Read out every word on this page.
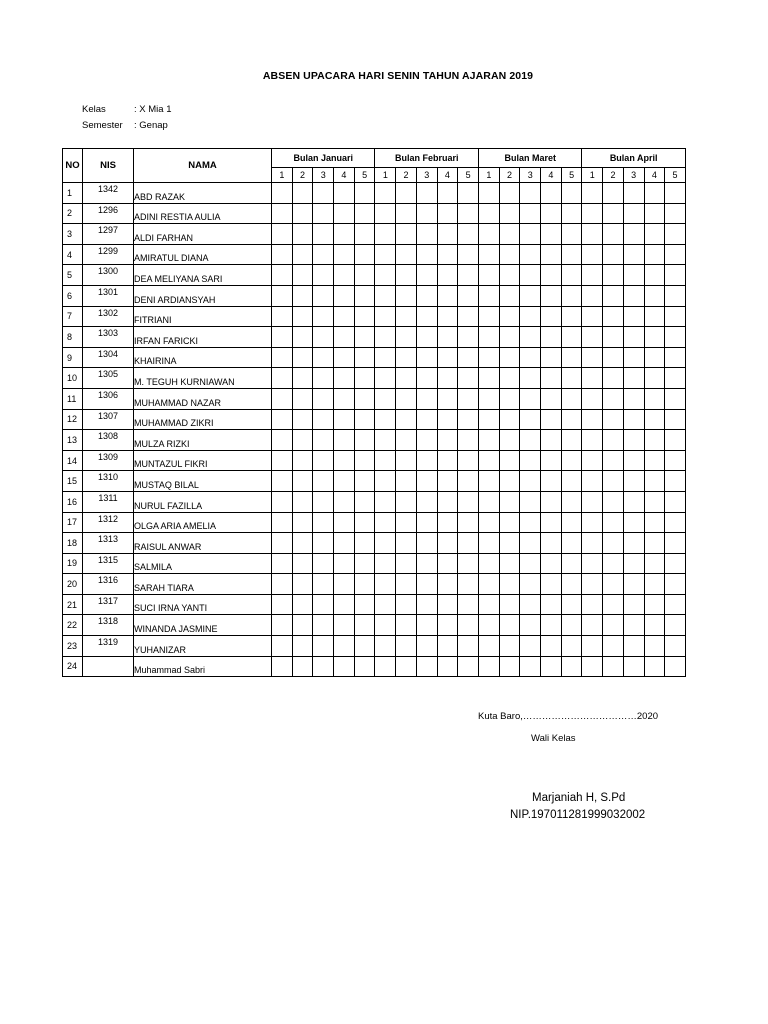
ABSEN UPACARA HARI SENIN TAHUN AJARAN 2019
Kelas	: X Mia 1
Semester : Genap
NO	NIS	NAMA	Bulan Januari					Bulan Februari					Bulan Maret					Bulan April				
			1	2	3	4	5	1	2	3	4	5	1	2	3	4	5	1	2	3	4	5
1	1342	ABD RAZAK																				

2	1296	ADINI RESTIA AULIA																				

3	1297	ALDI FARHAN																				

4	1299	AMIRATUL DIANA																				

5	1300	DEA MELIYANA SARI																				

6	1301	DENI ARDIANSYAH																				

7	1302	FITRIANI																				

8	1303	IRFAN FARICKI																				

9	1304	KHAIRINA																				

10	1305	M. TEGUH KURNIAWAN																				

11	1306	MUHAMMAD NAZAR																				

12	1307	MUHAMMAD ZIKRI																				

13	1308	MULZA RIZKI																				

14	1309	MUNTAZUL FIKRI																				

15	1310	MUSTAQ BILAL																				

16	1311	NURUL FAZILLA																				

17	1312	OLGA ARIA AMELIA																				

18	1313	RAISUL ANWAR																				

19	1315	SALMILA																				

20	1316	SARAH TIARA																				

21	1317	SUCI IRNA YANTI																				

22	1318	WINANDA JASMINE																				

23	1319	YUHANIZAR																				

24		Muhammad Sabri																				

Kuta Baro,………………………………2020
Wali Kelas
Marjaniah H, S.Pd
NIP.197011281999032002
